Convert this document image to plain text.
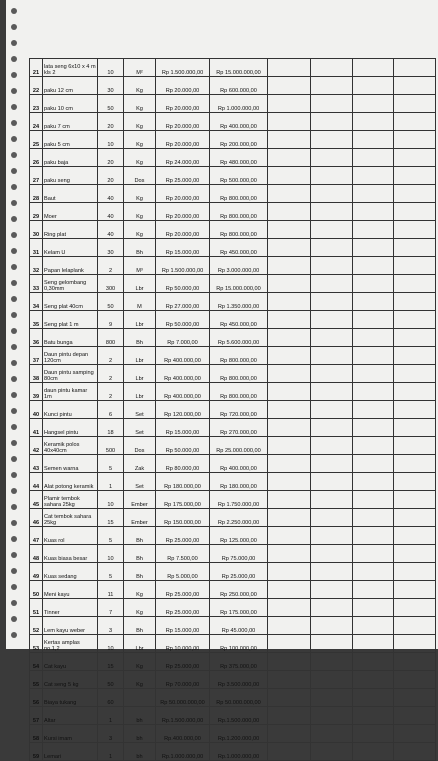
21	lata seng 6x10 x 4 m kls 2	10	M²	Rp 1.500.000,00	Rp 15.000.000,00				
22	paku 12 cm	30	Kg	Rp 20.000,00	Rp 600.000,00				
23	paku 10 cm	50	Kg	Rp 20.000,00	Rp 1.000.000,00				
24	paku 7 cm	20	Kg	Rp 20.000,00	Rp 400.000,00				
25	paku 5 cm	10	Kg	Rp 20.000,00	Rp 200.000,00				
26	paku baja	20	Kg	Rp 24.000,00	Rp 480.000,00				
27	paku seng	20	Dos	Rp 25.000,00	Rp 500.000,00				
28	Baut	40	Kg	Rp 20.000,00	Rp 800.000,00				
29	Moer	40	Kg	Rp 20.000,00	Rp 800.000,00				
30	Ring plat	40	Kg	Rp 20.000,00	Rp 800.000,00				
31	Kelam U	30	Bh	Rp 15.000,00	Rp 450.000,00				
32	Papan lelaplank	2	M³	Rp 1.500.000,00	Rp 3.000.000,00				
33	Seng gelombang 0,30mm	300	Lbr	Rp 50.000,00	Rp 15.000.000,00				
34	Seng plat 40cm	50	M	Rp 27.000,00	Rp 1.350.000,00				
35	Seng plat 1 m	9	Lbr	Rp 50.000,00	Rp 450.000,00				
36	Batu bunga	800	Bh	Rp 7.000,00	Rp 5.600.000,00				
37	Daun pintu depan 120cm	2	Lbr	Rp 400.000,00	Rp 800.000,00				
38	Daun pintu samping 80cm	2	Lbr	Rp 400.000,00	Rp 800.000,00				
39	daun pintu kamar 1m	2	Lbr	Rp 400.000,00	Rp 800.000,00				
40	Kunci pintu	6	Set	Rp 120.000,00	Rp 720.000,00				
41	Hangsel pintu	18	Set	Rp 15.000,00	Rp 270.000,00				
42	Keramik polos 40x40cm	500	Dos	Rp 50.000,00	Rp 25.000.000,00				
43	Semen warna	5	Zak	Rp 80.000,00	Rp 400.000,00				
44	Alat potong keramik	1	Set	Rp 180.000,00	Rp 180.000,00				
45	Plamir tembok sahara 25kg	10	Ember	Rp 175.000,00	Rp 1.750.000,00				
46	Cat tembok sahara 25kg	15	Ember	Rp 150.000,00	Rp 2.250.000,00				
47	Kuas rol	5	Bh	Rp 25.000,00	Rp 125.000,00				
48	Kuas biasa besar	10	Bh	Rp 7.500,00	Rp 75.000,00				
49	Kuas sedang	5	Bh	Rp 5.000,00	Rp 25.000,00				
50	Meni kayu	11	Kg	Rp 25.000,00	Rp 250.000,00				
51	Tinner	7	Kg	Rp 25.000,00	Rp 175.000,00				
52	Lem kayu weber	3	Bh	Rp 15.000,00	Rp 45.000,00				
53	Kertas amplas no.1,2	10	Lbr	Rp 10.000,00	Rp 100.000,00				
54	Cat kayu	15	Kg	Rp 25.000,00	Rp 375.000,00				
55	Cat seng 5 kg	50	Kg	Rp 70.000,00	Rp 3.500.000,00				
56	Biaya tukang	60		Rp 50.000.000,00	Rp 50.000.000,00				
57	Altar	1	bh	Rp.1.500.000,00	Rp.1.500.000,00				
58	Kursi imam	3	bh	Rp.400.000,00	Rp.1.200.000,00				
59	Lemari	1	bh	Rp.1.000.000,00	Rp.1.000.000,00				
